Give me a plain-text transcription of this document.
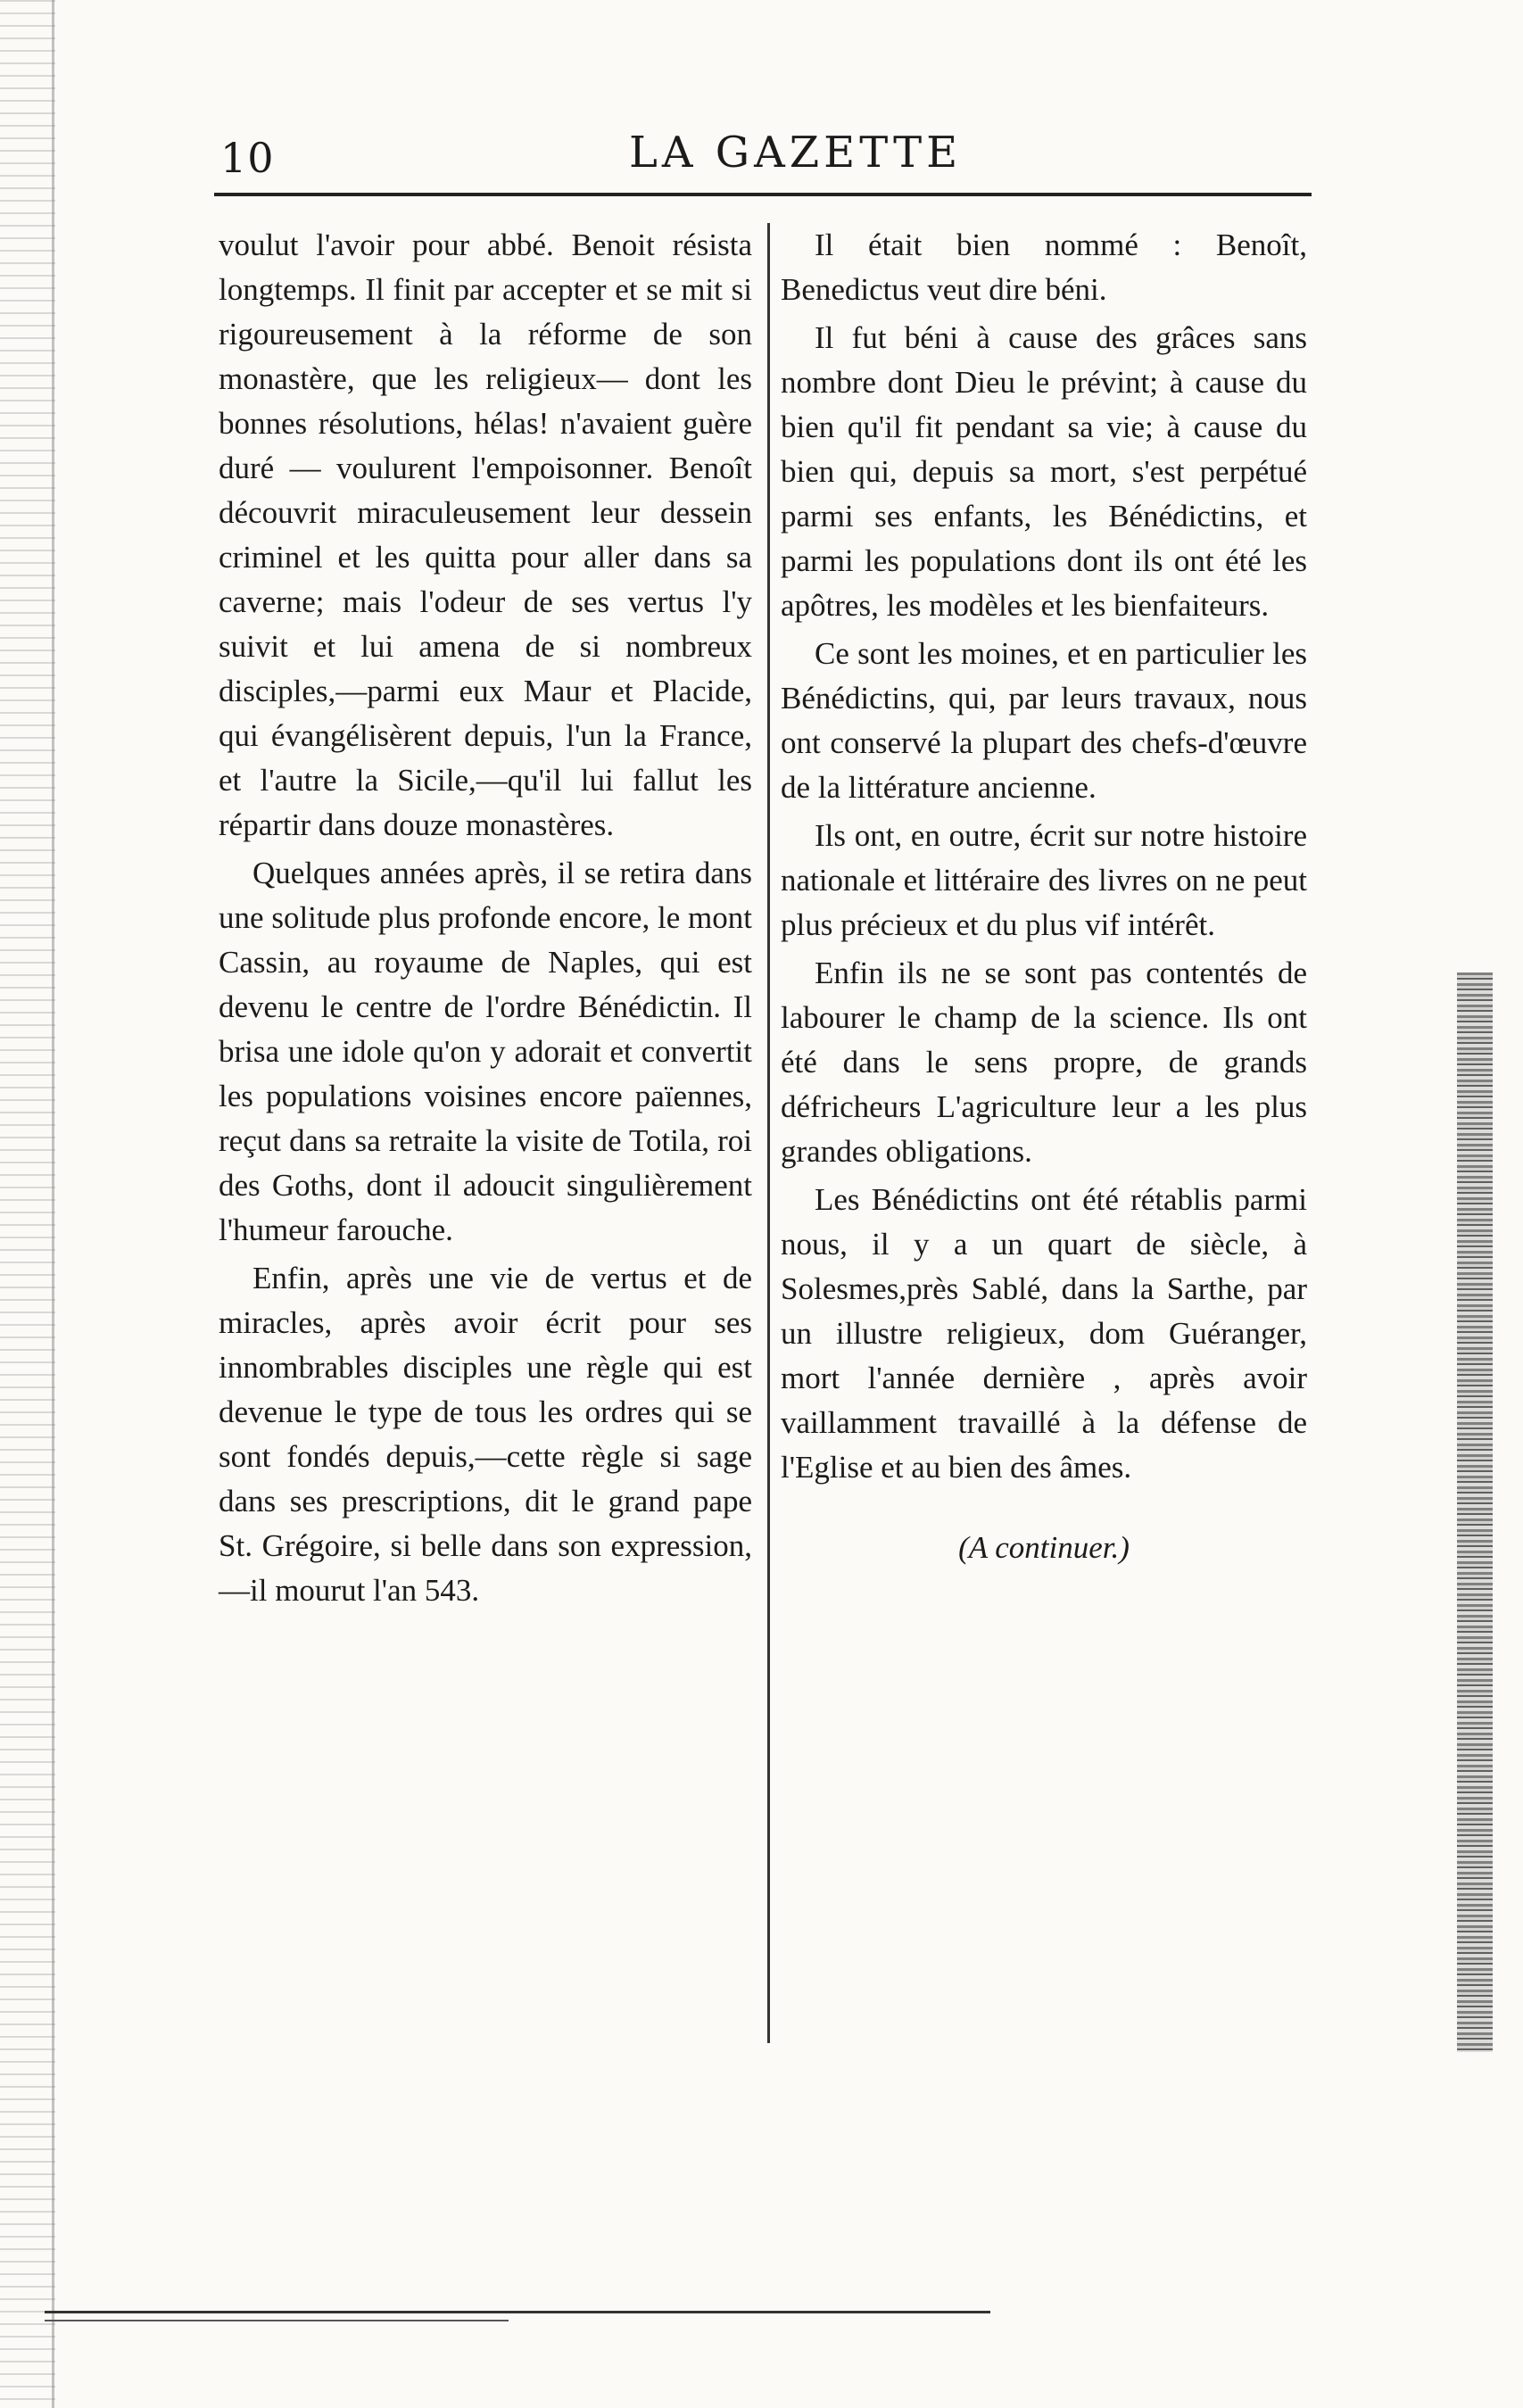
10	LA GAZETTE

voulut l'avoir pour abbé. Benoit résista longtemps. Il finit par accepter et se mit si rigoureusement à la réforme de son monastère, que les religieux— dont les bonnes résolutions, hélas! n'avaient guère duré — voulurent l'empoisonner. Benoît découvrit miraculeusement leur dessein criminel et les quitta pour aller dans sa caverne; mais l'odeur de ses vertus l'y suivit et lui amena de si nombreux disciples,—parmi eux Maur et Placide, qui évangélisèrent depuis, l'un la France, et l'autre la Sicile,—qu'il lui fallut les répartir dans douze monastères.

Quelques années après, il se retira dans une solitude plus profonde encore, le mont Cassin, au royaume de Naples, qui est devenu le centre de l'ordre Bénédictin. Il brisa une idole qu'on y adorait et convertit les populations voisines encore païennes, reçut dans sa retraite la visite de Totila, roi des Goths, dont il adoucit singulièrement l'humeur farouche.

Enfin, après une vie de vertus et de miracles, après avoir écrit pour ses innombrables disciples une règle qui est devenue le type de tous les ordres qui se sont fondés depuis,—cette règle si sage dans ses prescriptions, dit le grand pape St. Grégoire, si belle dans son expression,—il mourut l'an 543.

Il était bien nommé : Benoît, Benedictus veut dire béni.

Il fut béni à cause des grâces sans nombre dont Dieu le prévint; à cause du bien qu'il fit pendant sa vie; à cause du bien qui, depuis sa mort, s'est perpétué parmi ses enfants, les Bénédictins, et parmi les populations dont ils ont été les apôtres, les modèles et les bienfaiteurs.

Ce sont les moines, et en particulier les Bénédictins, qui, par leurs travaux, nous ont conservé la plupart des chefs-d'œuvre de la littérature ancienne.

Ils ont, en outre, écrit sur notre histoire nationale et littéraire des livres on ne peut plus précieux et du plus vif intérêt.

Enfin ils ne se sont pas contentés de labourer le champ de la science. Ils ont été dans le sens propre, de grands défricheurs L'agriculture leur a les plus grandes obligations.

Les Bénédictins ont été rétablis parmi nous, il y a un quart de siècle, à Solesmes,près Sablé, dans la Sarthe, par un illustre religieux, dom Guéranger, mort l'année dernière , après avoir vaillamment travaillé à la défense de l'Eglise et au bien des âmes.

(A continuer.)
